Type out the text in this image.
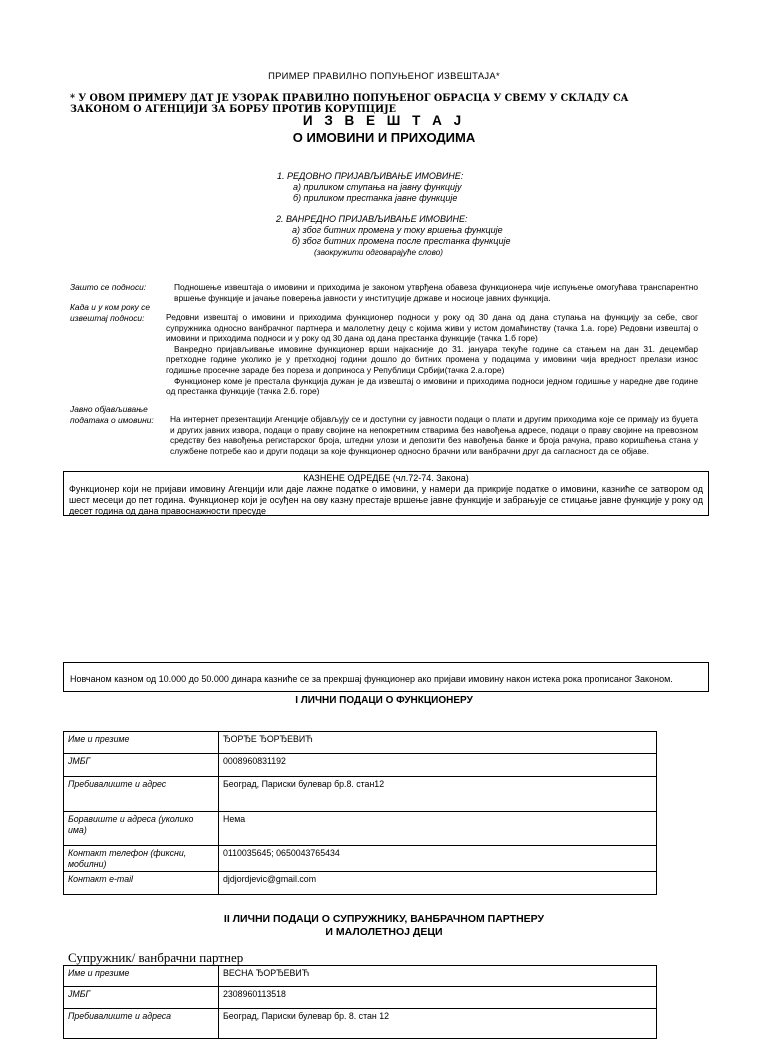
ПРИМЕР ПРАВИЛНО ПОПУЊЕНОГ ИЗВЕШТАЈА*
* У ОВОМ ПРИМЕРУ ДАТ ЈЕ УЗОРАК ПРАВИЛНО ПОПУЊЕНОГ ОБРАСЦА У СВЕМУ У СКЛАДУ СА ЗАКОНОМ О АГЕНЦИЈИ ЗА БОРБУ ПРОТИВ КОРУПЦИЈЕ
И З В Е Ш Т А Ј
О ИМОВИНИ И ПРИХОДИМА
1. РЕДОВНО ПРИЈАВЉИВАЊЕ ИМОВИНЕ:
а) приликом ступања на јавну функцију
б) приликом престанка јавне функције
2. ВАНРЕДНО ПРИЈАВЉИВАЊЕ ИМОВИНЕ:
а) због битних промена у току вршења функције
б) због битних промена после престанка функције
(заокружити одговарајуће слово)
Зашто се подноси:	Подношење извештаја о имовини и приходима је законом утврђена обавеза функционера чије испуњење омогућава транспарентно вршење функције и јачање поверења јавности у институције државе и носиоце јавних функција.
Када и у ком року се извештај подноси:	Редовни извештај о имовини и приходима функционер подноси у року од 30 дана од дана ступања на функцију за себе, свог супружника односно ванбрачног партнера и малолетну децу с којима живи у истом домаћинству (тачка 1.а. горе) Редовни извештај о имовини и приходима подноси и у року од 30 дана од дана престанка функције (тачка 1.б горе)
Ванредно пријављивање имовине функционер врши најкасније до 31. јануара текуће године са стањем на дан 31. децембар претходне године уколико је у претходној години дошло до битних промена у подацима у имовини чија вредност прелази износ годишње просечне зараде без пореза и доприноса у Републици Србији(тачка 2.а.горе)
Функционер коме је престала функција дужан је да извештај о имовини и приходима подноси једном годишње у наредне две године од престанка функције (тачка 2.б. горе)
Јавно објављивање података о имовини:	На интернет презентацији Агенције објављују се и доступни су јавности подаци о плати и другим приходима које се примају из буџета и других јавних извора, подаци о праву својине на непокретним стварима без навођења адресе, подаци о праву својине на превозном средству без навођења регистарског броја, штедни улози и депозити без навођења банке и броја рачуна, право коришћења стана у службене потребе као и други подаци за које функционер односно брачни или ванбрачни друг да сагласност да се објаве.
КАЗНЕНЕ ОДРЕДБЕ (чл.72-74. Закона)
Функционер који не пријави имовину Агенцији или даје лажне податке о имовини, у намери да прикрије податке о имовини, казниће се затвором од шест месеци до пет година. Функционер који је осуђен на ову казну престаје вршење јавне функције и забрањује се стицање јавне функције у року од десет година од дана правоснажности пресуде
Новчаном казном од 10.000 до 50.000 динара казниће се за прекршај функционер ако пријави имовину након истека рока прописаног Законом.
I ЛИЧНИ ПОДАЦИ О ФУНКЦИОНЕРУ
Име и презиме	ЂОРЂЕ ЂОРЂЕВИЋ
ЈМБГ	0008960831192
Пребивалиште и адрес	Београд, Париски булевар бр.8. стан12
Боравиште и адреса (уколико има)	Нема
Контакт телефон (фиксни, мобилни)	0110035645; 0650043765434
Контакт e-mail	djdjordjevic@gmail.com
II ЛИЧНИ ПОДАЦИ О СУПРУЖНИКУ, ВАНБРАЧНОМ ПАРТНЕРУ
И МАЛОЛЕТНОЈ ДЕЦИ
Супружник/ ванбрачни партнер
Име и презиме	ВЕСНА ЂОРЂЕВИЋ
ЈМБГ	2308960113518
Пребивалиште и адреса	Београд, Париски булевар бр. 8. стан 12
